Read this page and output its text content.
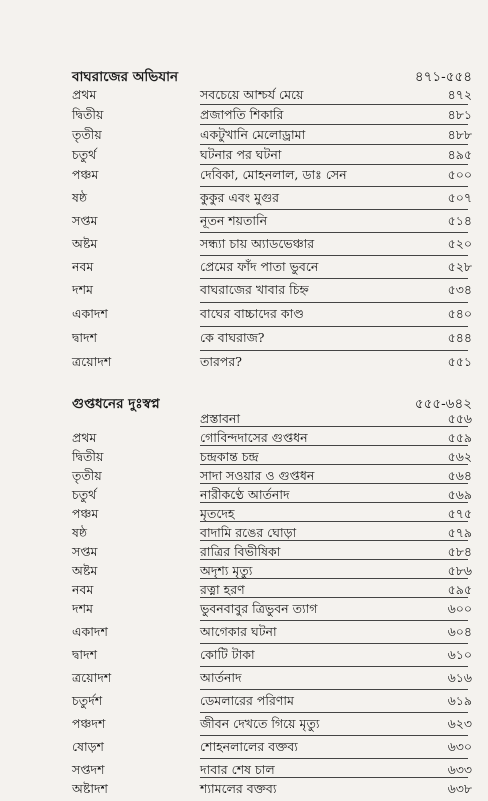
বাঘরাজের অভিযান	৪৭১-৫৫৪
প্রথম	সবচেয়ে আশ্চর্য মেয়ে	৪৭২
দ্বিতীয়	প্রজাপতি শিকারি	৪৮১
তৃতীয়	একটুখানি মেলোড্রামা	৪৮৮
চতুর্থ	ঘটনার পর ঘটনা	৪৯৫
পঞ্চম	দেবিকা, মোহনলাল, ডাঃ সেন	৫০০
ষষ্ঠ	কুকুর এবং মুগুর	৫০৭
সপ্তম	নূতন শয়তানি	৫১৪
অষ্টম	সন্ধ্যা চায় অ্যাডভেঞ্চার	৫২০
নবম	প্রেমের ফাঁদ পাতা ভুবনে	৫২৮
দশম	বাঘরাজের খাবার চিহ্ন	৫৩৪
একাদশ	বাঘের বাচ্চাদের কাণ্ড	৫৪০
দ্বাদশ	কে বাঘরাজ?	৫৪৪
ত্রয়োদশ	তারপর?	৫৫১
গুপ্তধনের দুঃস্বপ্ন	৫৫৫-৬৪২
প্রস্তাবনা	৫৫৬
প্রথম	গোবিন্দদাসের গুপ্তধন	৫৫৯
দ্বিতীয়	চন্দ্রকান্ত চন্দ্র	৫৬২
তৃতীয়	সাদা সওয়ার ও গুপ্তধন	৫৬৪
চতুর্থ	নারীকণ্ঠে আর্তনাদ	৫৬৯
পঞ্চম	মৃতদেহ	৫৭৫
ষষ্ঠ	বাদামি রঙের ঘোড়া	৫৭৯
সপ্তম	রাত্রির বিভীষিকা	৫৮৪
অষ্টম	অদৃশ্য মৃত্যু	৫৮৬
নবম	রত্না হরণ	৫৯৫
দশম	ভুবনবাবুর ত্রিভুবন ত্যাগ	৬০০
একাদশ	আগেকার ঘটনা	৬০৪
দ্বাদশ	কোটি টাকা	৬১০
ত্রয়োদশ	আর্তনাদ	৬১৬
চতুর্দশ	ডেমলারের পরিণাম	৬১৯
পঞ্চদশ	জীবন দেখতে গিয়ে মৃত্যু	৬২৩
ষোড়শ	শোহনলালের বক্তব্য	৬৩০
সপ্তদশ	দাবার শেষ চাল	৬৩৩
অষ্টাদশ	শ্যামলের বক্তব্য	৬৩৮
